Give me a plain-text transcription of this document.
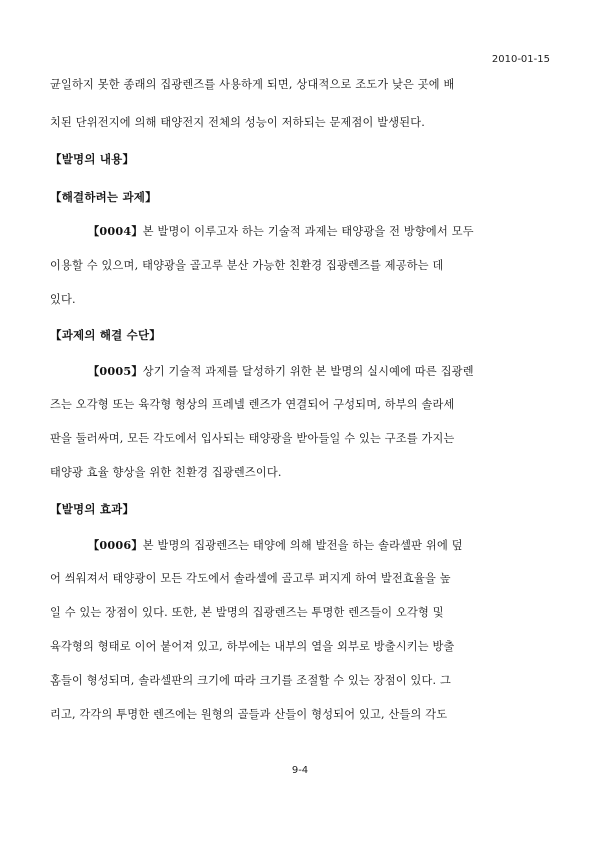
2010-01-15
균일하지 못한 종래의 집광렌즈를 사용하게 되면, 상대적으로 조도가 낮은 곳에 배
치된 단위전지에 의해 태양전지 전체의 성능이 저하되는 문제점이 발생된다.
【발명의 내용】
【해결하려는 과제】
【0004】본 발명이 이루고자 하는 기술적 과제는 태양광을 전 방향에서 모두
이용할 수 있으며, 태양광을 골고루 분산 가능한 친환경 집광렌즈를 제공하는 데
있다.
【과제의 해결 수단】
【0005】상기 기술적 과제를 달성하기 위한 본 발명의 실시예에 따른 집광렌
즈는 오각형 또는 육각형 형상의 프레넬 렌즈가 연결되어 구성되며, 하부의 솔라세
판을 둘러싸며, 모든 각도에서 입사되는 태양광을 받아들일 수 있는 구조를 가지는
태양광 효율 향상을 위한 친환경 집광렌즈이다.
【발명의 효과】
【0006】본 발명의 집광렌즈는 태양에 의해 발전을 하는 솔라셀판 위에 덮
어 씌워져서 태양광이 모든 각도에서 솔라셀에 골고루 퍼지게 하여 발전효율을 높
일 수 있는 장점이 있다. 또한, 본 발명의 집광렌즈는 투명한 렌즈들이 오각형 및
육각형의 형태로 이어 붙어져 있고, 하부에는 내부의 열을 외부로 방출시키는 방출
홈들이 형성되며, 솔라셀판의 크기에 따라 크기를 조절할 수 있는 장점이 있다. 그
리고, 각각의 투명한 렌즈에는 원형의 골들과 산들이 형성되어 있고, 산들의 각도
9-4
